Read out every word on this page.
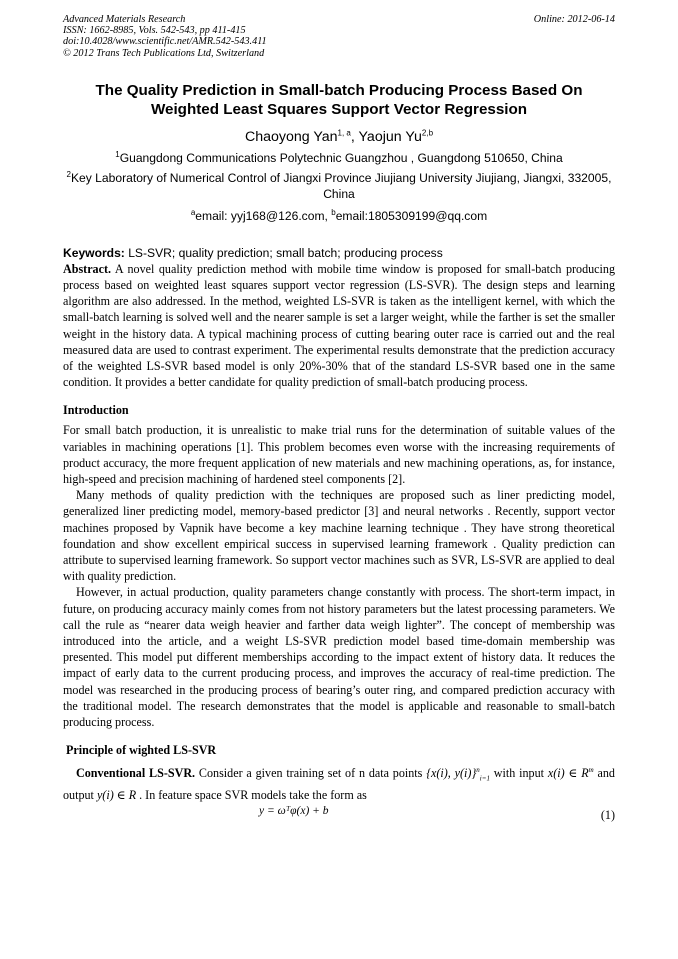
Advanced Materials Research
ISSN: 1662-8985, Vols. 542-543, pp 411-415
doi:10.4028/www.scientific.net/AMR.542-543.411
© 2012 Trans Tech Publications Ltd, Switzerland
Online: 2012-06-14
The Quality Prediction in Small-batch Producing Process Based On Weighted Least Squares Support Vector Regression
Chaoyong Yan$^{1, a}$, Yaojun Yu$^{2,b}$
$^1$Guangdong Communications Polytechnic Guangzhou , Guangdong 510650, China
$^2$Key Laboratory of Numerical Control of Jiangxi Province Jiujiang University Jiujiang, Jiangxi, 332005, China
$^a$email: yyj168@126.com, $^b$email:1805309199@qq.com
Keywords: LS-SVR; quality prediction; small batch; producing process

Abstract. A novel quality prediction method with mobile time window is proposed for small-batch producing process based on weighted least squares support vector regression (LS-SVR). The design steps and learning algorithm are also addressed. In the method, weighted LS-SVR is taken as the intelligent kernel, with which the small-batch learning is solved well and the nearer sample is set a larger weight, while the farther is set the smaller weight in the history data. A typical machining process of cutting bearing outer race is carried out and the real measured data are used to contrast experiment. The experimental results demonstrate that the prediction accuracy of the weighted LS-SVR based model is only 20%-30% that of the standard LS-SVR based one in the same condition. It provides a better candidate for quality prediction of small-batch producing process.

Introduction

For small batch production, it is unrealistic to make trial runs for the determination of suitable values of the variables in machining operations [1]. This problem becomes even worse with the increasing requirements of product accuracy, the more frequent application of new materials and new machining operations, as, for instance, high-speed and precision machining of hardened steel components [2].

Many methods of quality prediction with the techniques are proposed such as liner predicting model, generalized liner predicting model, memory-based predictor [3] and neural networks . Recently, support vector machines proposed by Vapnik have become a key machine learning technique . They have strong theoretical foundation and show excellent empirical success in supervised learning framework . Quality prediction can attribute to supervised learning framework. So support vector machines such as SVR, LS-SVR are applied to deal with quality prediction.

However, in actual production, quality parameters change constantly with process. The short-term impact, in future, on producing accuracy mainly comes from not history parameters but the latest processing parameters. We call the rule as “nearer data weigh heavier and farther data weigh lighter”. The concept of membership was introduced into the article, and a weight LS-SVR prediction model based time-domain membership was presented. This model put different memberships according to the impact extent of history data. It reduces the impact of early data to the current producing process, and improves the accuracy of real-time prediction. The model was researched in the producing process of bearing’s outer ring, and compared prediction accuracy with the traditional model. The research demonstrates that the model is applicable and reasonable to small-batch producing process.

Principle of wighted LS-SVR

Conventional LS-SVR. Consider a given training set of n data points {x(i), y(i)}$^n_{i=1}$ with input x(i) ∈ $R^m$ and output y(i) ∈ R . In feature space SVR models take the form as

y = ωᵀφ(x) + b	(1)
